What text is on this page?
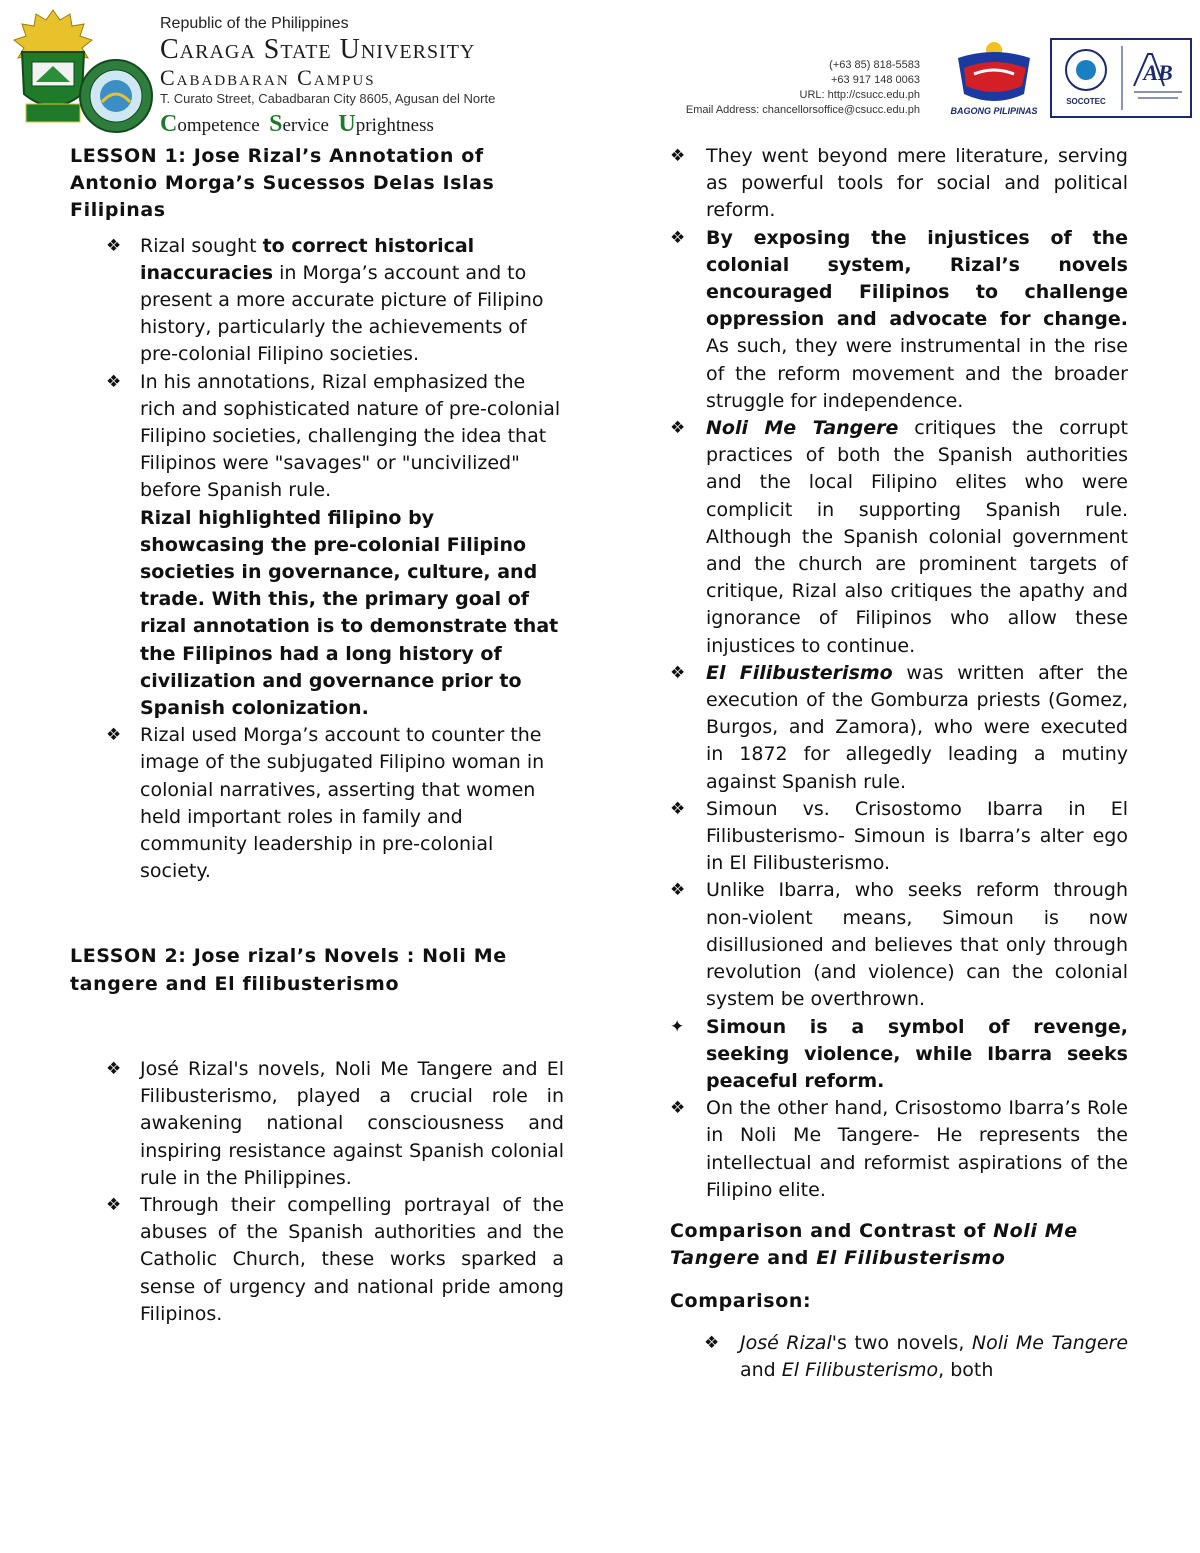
Republic of the Philippines
Caraga State University
Cabadbaran Campus
T. Curato Street, Cabadbaran City 8605, Agusan del Norte
Competence Service Uprightness
(+63 85) 818-5583
+63 917 148 0063
URL: http://csucc.edu.ph
Email Address: chancellorsoffice@csucc.edu.ph	BAGONG PILIPINAS
SOCOTEC
AB
LESSON 1: Jose Rizal’s Annotation of Antonio Morga’s Sucessos Delas Islas Filipinas
❖ Rizal sought to correct historical inaccuracies in Morga’s account and to present a more accurate picture of Filipino history, particularly the achievements of pre-colonial Filipino societies.
❖ In his annotations, Rizal emphasized the rich and sophisticated nature of pre-colonial Filipino societies, challenging the idea that Filipinos were "savages" or "uncivilized" before Spanish rule.
Rizal highlighted filipino by showcasing the pre-colonial Filipino societies in governance, culture, and trade. With this, the primary goal of rizal annotation is to demonstrate that the Filipinos had a long history of civilization and governance prior to Spanish colonization.
❖ Rizal used Morga’s account to counter the image of the subjugated Filipino woman in colonial narratives, asserting that women held important roles in family and community leadership in pre-colonial society.
LESSON 2: Jose rizal’s Novels : Noli Me tangere and El filibusterismo
❖ José Rizal's novels, Noli Me Tangere and El Filibusterismo, played a crucial role in awakening national consciousness and inspiring resistance against Spanish colonial rule in the Philippines.
❖ Through their compelling portrayal of the abuses of the Spanish authorities and the Catholic Church, these works sparked a sense of urgency and national pride among Filipinos.
❖ They went beyond mere literature, serving as powerful tools for social and political reform.
❖ By exposing the injustices of the colonial system, Rizal’s novels encouraged Filipinos to challenge oppression and advocate for change. As such, they were instrumental in the rise of the reform movement and the broader struggle for independence.
❖ Noli Me Tangere critiques the corrupt practices of both the Spanish authorities and the local Filipino elites who were complicit in supporting Spanish rule. Although the Spanish colonial government and the church are prominent targets of critique, Rizal also critiques the apathy and ignorance of Filipinos who allow these injustices to continue.
❖ El Filibusterismo was written after the execution of the Gomburza priests (Gomez, Burgos, and Zamora), who were executed in 1872 for allegedly leading a mutiny against Spanish rule.
❖ Simoun vs. Crisostomo Ibarra in El Filibusterismo- Simoun is Ibarra’s alter ego in El Filibusterismo.
❖ Unlike Ibarra, who seeks reform through non-violent means, Simoun is now disillusioned and believes that only through revolution (and violence) can the colonial system be overthrown.
✦ Simoun is a symbol of revenge, seeking violence, while Ibarra seeks peaceful reform.
❖ On the other hand, Crisostomo Ibarra’s Role in Noli Me Tangere- He represents the intellectual and reformist aspirations of the Filipino elite.
Comparison and Contrast of Noli Me Tangere and El Filibusterismo
Comparison:
❖ José Rizal's two novels, Noli Me Tangere and El Filibusterismo, both
